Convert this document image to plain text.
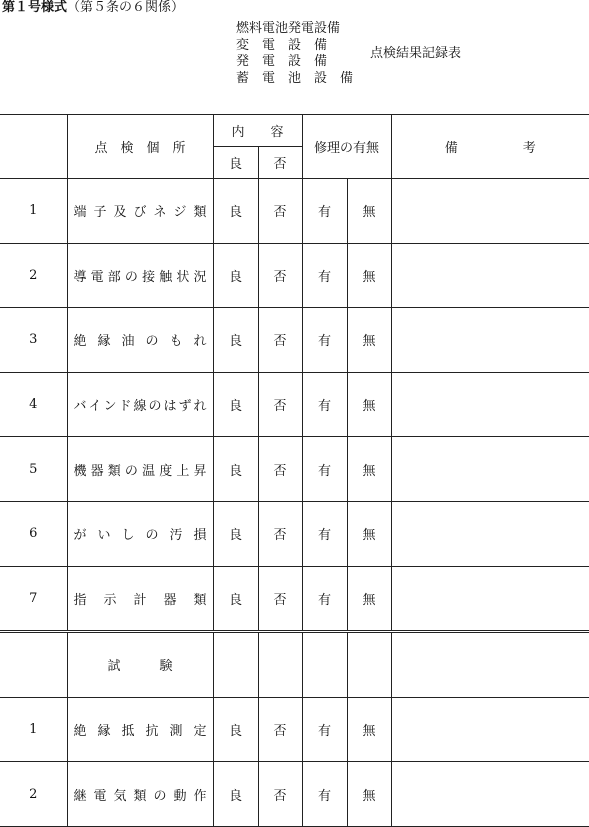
第１号様式（第５条の６関係）
燃料電池発電設備
変　電　設　備
発　電　設　備
蓄　電　池　設　備
点検結果記録表
	点　検　個　所	内　　容		修理の有無		備　　　　　考
		良	否			
1	端子及びネジ類	良	否	有	無	
2	導電部の接触状況	良	否	有	無	
3	絶縁油のもれ	良	否	有	無	
4	バインド線のはずれ	良	否	有	無	
5	機器類の温度上昇	良	否	有	無	
6	がいしの汚損	良	否	有	無	
7	指示計器類	良	否	有	無	
	試　　　験					
1	絶縁抵抗測定	良	否	有	無	
2	継電気類の動作	良	否	有	無	
